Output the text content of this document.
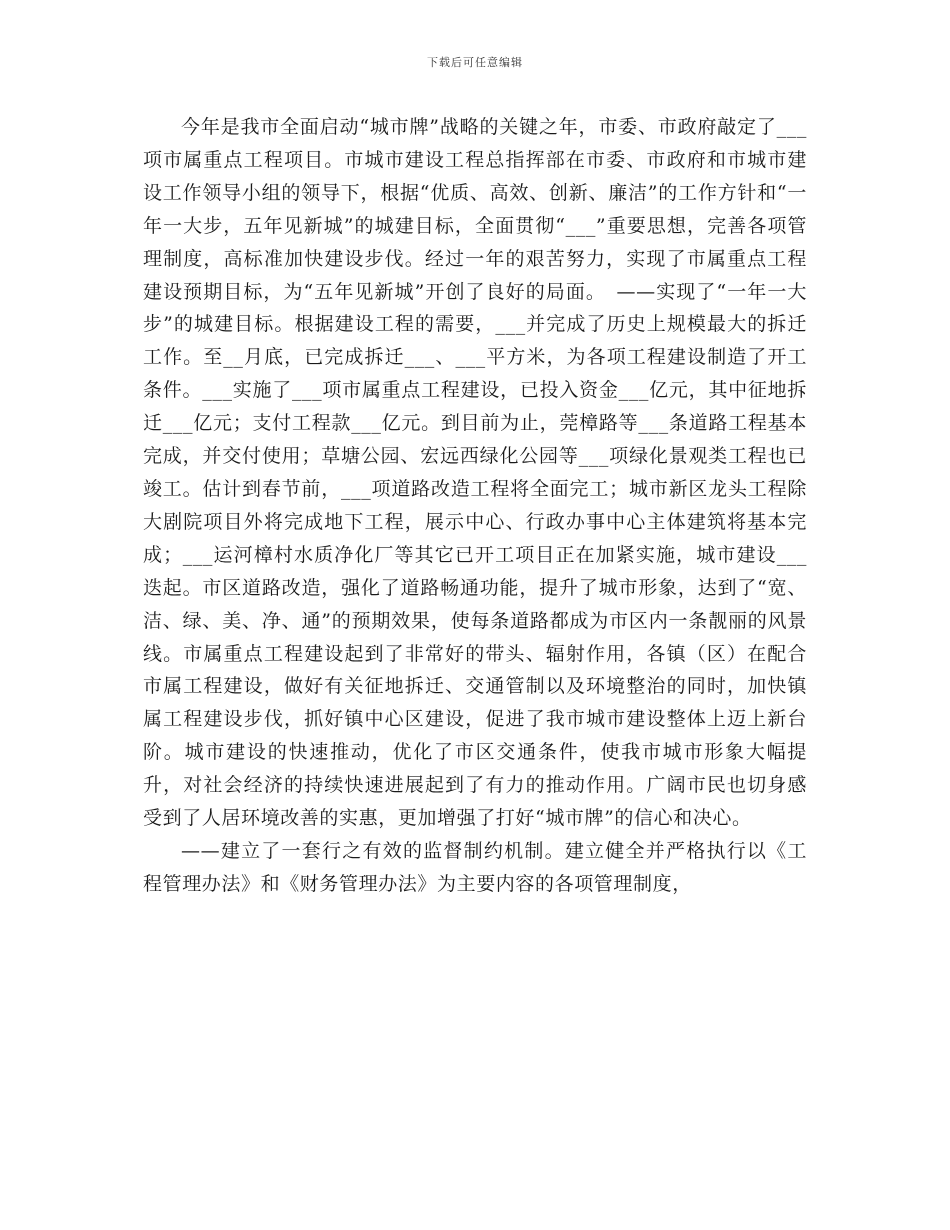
下载后可任意编辑

今年是我市全面启动“城市牌”战略的关键之年，市委、市政府敲定了___项市属重点工程项目。市城市建设工程总指挥部在市委、市政府和市城市建设工作领导小组的领导下，根据“优质、高效、创新、廉洁”的工作方针和“一年一大步，五年见新城”的城建目标，全面贯彻“___”重要思想，完善各项管理制度，高标准加快建设步伐。经过一年的艰苦努力，实现了市属重点工程建设预期目标，为“五年见新城”开创了良好的局面。　——实现了“一年一大步”的城建目标。根据建设工程的需要，___并完成了历史上规模最大的拆迁工作。至__月底，已完成拆迁___、___平方米，为各项工程建设制造了开工条件。___实施了___项市属重点工程建设，已投入资金___亿元，其中征地拆迁___亿元；支付工程款___亿元。到目前为止，莞樟路等___条道路工程基本完成，并交付使用；草塘公园、宏远西绿化公园等___项绿化景观类工程也已竣工。估计到春节前，___项道路改造工程将全面完工；城市新区龙头工程除大剧院项目外将完成地下工程，展示中心、行政办事中心主体建筑将基本完成；___运河樟村水质净化厂等其它已开工项目正在加紧实施，城市建设___迭起。市区道路改造，强化了道路畅通功能，提升了城市形象，达到了“宽、洁、绿、美、净、通”的预期效果，使每条道路都成为市区内一条靓丽的风景线。市属重点工程建设起到了非常好的带头、辐射作用，各镇（区）在配合市属工程建设，做好有关征地拆迁、交通管制以及环境整治的同时，加快镇属工程建设步伐，抓好镇中心区建设，促进了我市城市建设整体上迈上新台阶。城市建设的快速推动，优化了市区交通条件，使我市城市形象大幅提升，对社会经济的持续快速进展起到了有力的推动作用。广阔市民也切身感受到了人居环境改善的实惠，更加增强了打好“城市牌”的信心和决心。

——建立了一套行之有效的监督制约机制。建立健全并严格执行以《工程管理办法》和《财务管理办法》为主要内容的各项管理制度，
